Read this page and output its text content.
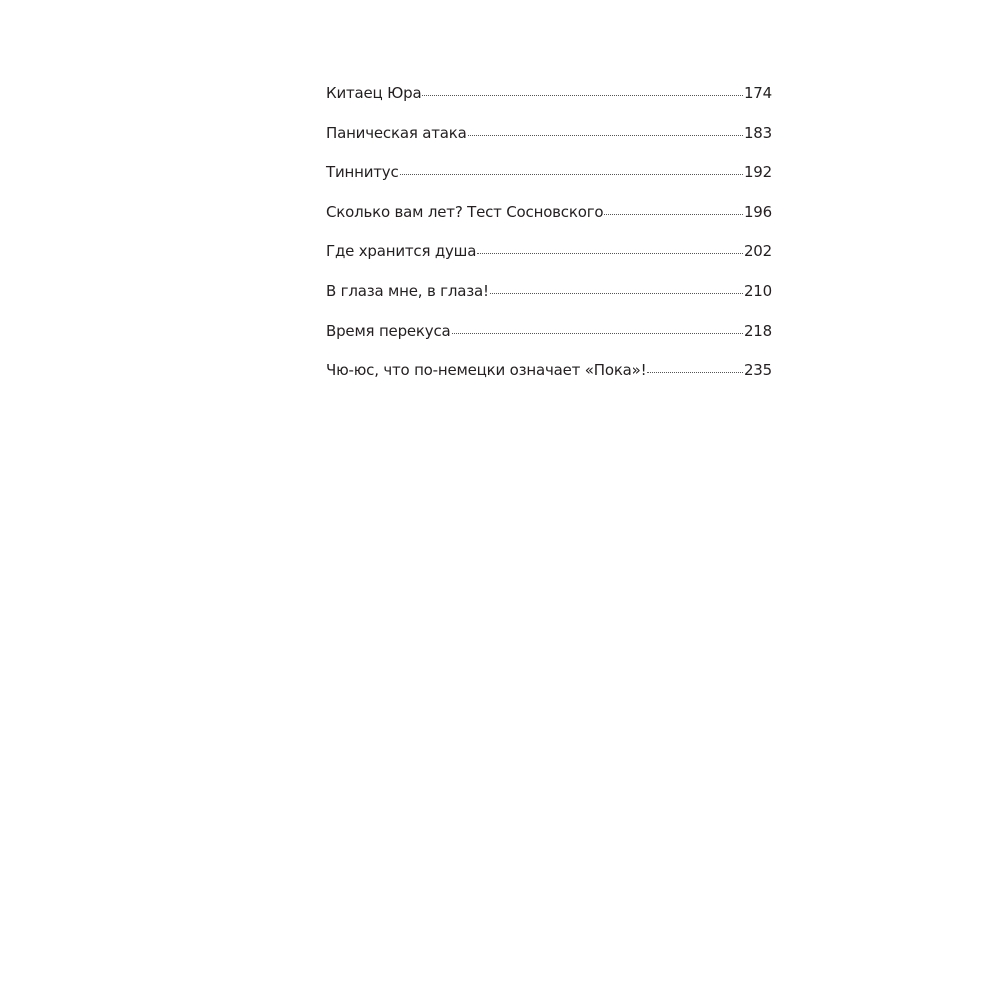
Китаец Юра	174
Паническая атака	183
Тиннитус	192
Сколько вам лет? Тест Сосновского	196
Где хранится душа	202
В глаза мне, в глаза!	210
Время перекуса	218
Чю-юс, что по-немецки означает «Пока»!	235
